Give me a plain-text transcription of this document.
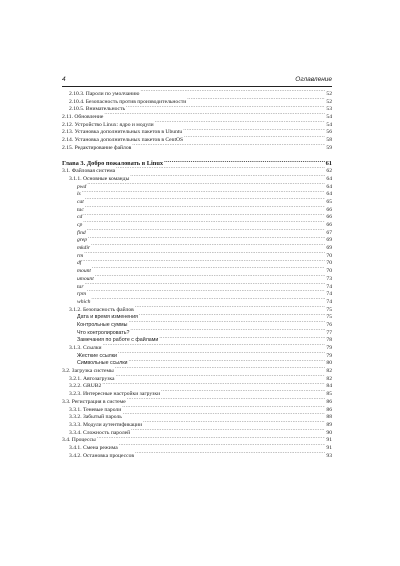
4	Оглавление
2.10.3. Пароли по умолчанию .....	52
2.10.4. Безопасность против производительности .....	52
2.10.5. Внимательность .....	53
2.11. Обновление .....	54
2.12. Устройство Linux: ядро и модули .....	54
2.13. Установка дополнительных пакетов в Ubuntu .....	56
2.14. Установка дополнительных пакетов в CentOS .....	58
2.15. Редактирование файлов .....	59
Глава 3. Добро пожаловать в Linux .....	61
3.1. Файловая система .....	62
3.1.1. Основные команды .....	64
pwd .....	64
ls .....	64
cat .....	65
tac .....	66
cd .....	66
cp .....	66
find .....	67
grep .....	69
mkdir .....	69
rm .....	70
df .....	70
mount .....	70
umount .....	73
tar .....	74
rpm .....	74
which .....	74
3.1.2. Безопасность файлов .....	75
Дата и время изменения .....	75
Контрольные суммы .....	76
Что контролировать? .....	77
Замечания по работе с файлами .....	78
3.1.3. Ссылки .....	79
Жесткие ссылки .....	79
Символьные ссылки .....	80
3.2. Загрузка системы .....	82
3.2.1. Автозагрузка .....	82
3.2.2. GRUB2 .....	84
3.2.3. Интересные настройки загрузки .....	85
3.3. Регистрация в системе .....	86
3.3.1. Теневые пароли .....	86
3.3.2. Забытый пароль .....	88
3.3.3. Модули аутентификации .....	89
3.3.4. Сложность паролей .....	90
3.4. Процессы .....	91
3.4.1. Смена режима .....	91
3.4.2. Остановка процессов .....	93
